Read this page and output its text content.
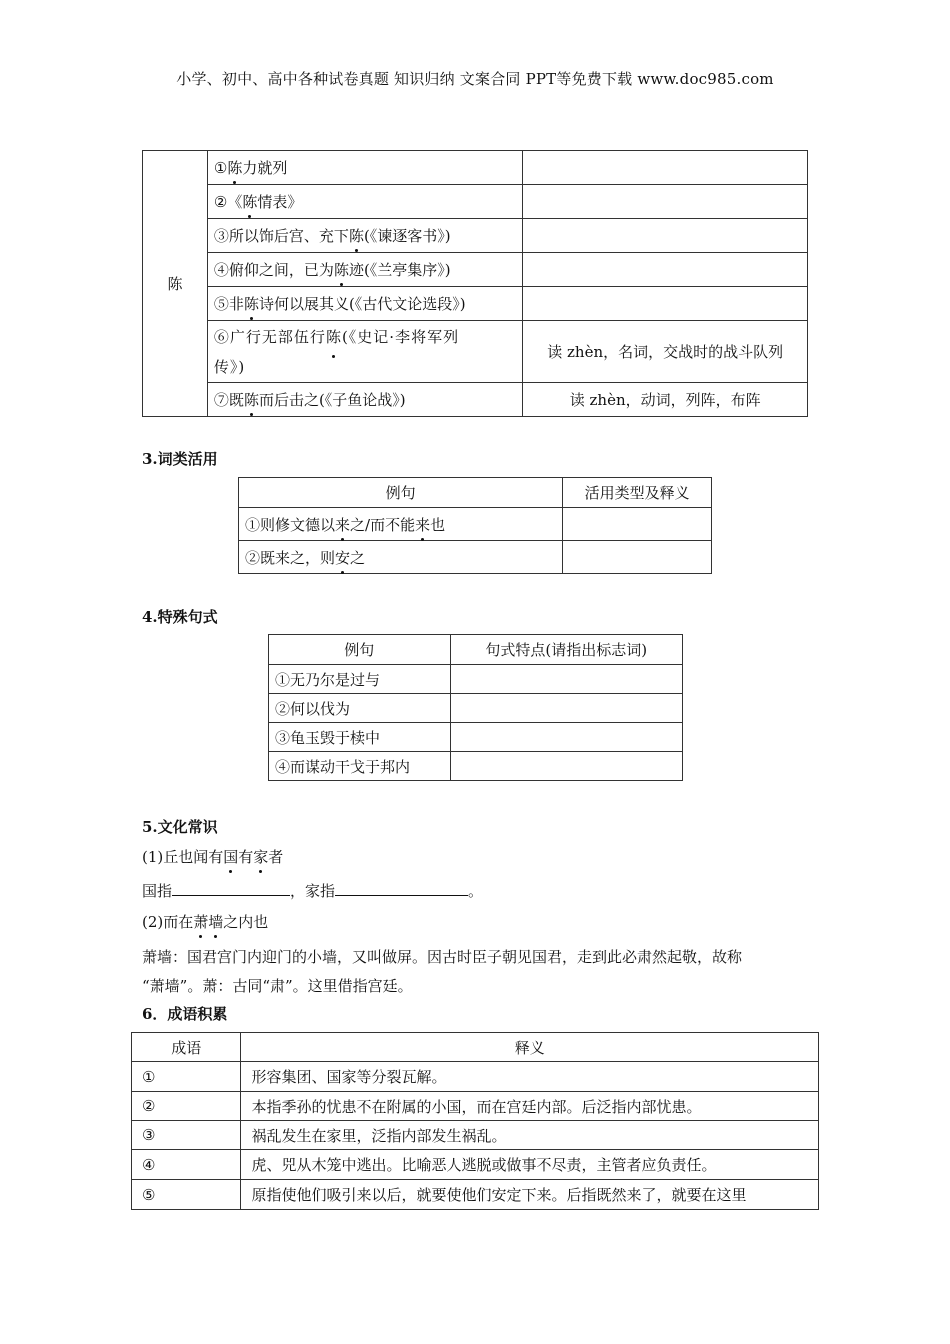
小学、初中、高中各种试卷真题 知识归纳 文案合同 PPT等免费下载 www.doc985.com
陈	①陈力就列	
	②《陈情表》	
	③所以饰后宫、充下陈(《谏逐客书》)	
	④俯仰之间，已为陈迹(《兰亭集序》)	
	⑤非陈诗何以展其义(《古代文论选段》)	
	⑥广行无部伍行陈(《史记·李将军列
传》)	读 zhèn，名词，交战时的战斗队列
	⑦既陈而后击之(《子鱼论战》)	读 zhèn，动词，列阵，布阵
3.词类活用
例句	活用类型及释义
①则修文德以来之/而不能来也	
②既来之，则安之	
4.特殊句式
例句	句式特点(请指出标志词)
①无乃尔是过与	
②何以伐为	
③龟玉毁于椟中	
④而谋动干戈于邦内	
5.文化常识
(1)丘也闻有国有家者
国指	，家指	。
(2)而在萧墙之内也
萧墙：国君宫门内迎门的小墙，又叫做屏。因古时臣子朝见国君，走到此必肃然起敬，故称
“萧墙”。萧：古同“肃”。这里借指宫廷。
6．成语积累
成语	释义
①	形容集团、国家等分裂瓦解。
②	本指季孙的忧患不在附属的小国，而在宫廷内部。后泛指内部忧患。
③	祸乱发生在家里，泛指内部发生祸乱。
④	虎、兕从木笼中逃出。比喻恶人逃脱或做事不尽责，主管者应负责任。
⑤	原指使他们吸引来以后，就要使他们安定下来。后指既然来了，就要在这里
